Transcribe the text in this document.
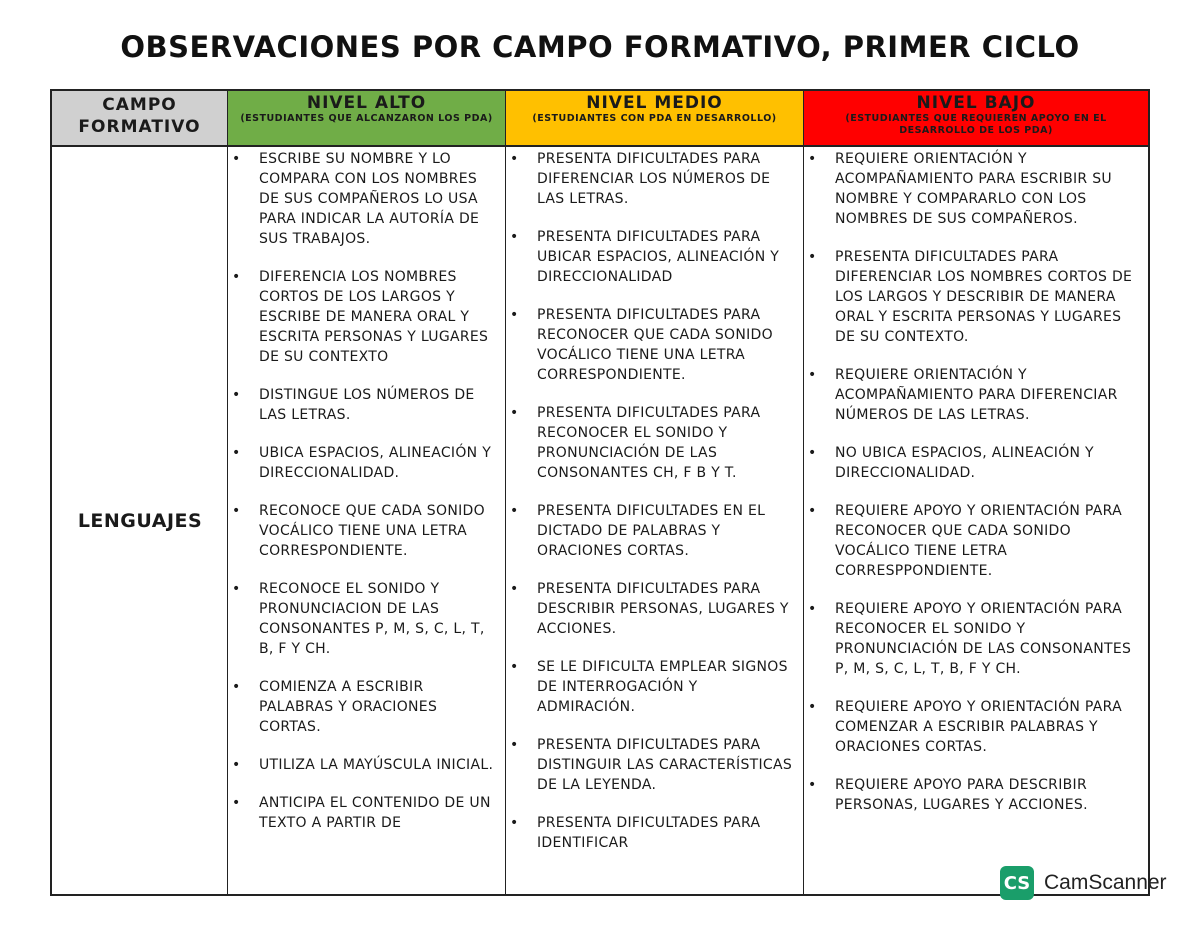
OBSERVACIONES POR CAMPO FORMATIVO, PRIMER CICLO
CAMPO FORMATIVO
NIVEL ALTO
(ESTUDIANTES QUE ALCANZARON LOS PDA)
NIVEL MEDIO
(ESTUDIANTES CON PDA EN DESARROLLO)
NIVEL BAJO
(ESTUDIANTES QUE REQUIEREN APOYO EN EL DESARROLLO DE LOS PDA)
LENGUAJES
• ESCRIBE SU NOMBRE Y LO COMPARA CON LOS NOMBRES DE SUS COMPAÑEROS LO USA PARA INDICAR LA AUTORÍA DE SUS TRABAJOS.
• DIFERENCIA LOS NOMBRES CORTOS DE LOS LARGOS Y ESCRIBE DE MANERA ORAL Y ESCRITA PERSONAS Y LUGARES DE SU CONTEXTO
• DISTINGUE LOS NÚMEROS DE LAS LETRAS.
• UBICA ESPACIOS, ALINEACIÓN Y DIRECCIONALIDAD.
• RECONOCE QUE CADA SONIDO VOCÁLICO TIENE UNA LETRA CORRESPONDIENTE.
• RECONOCE EL SONIDO Y PRONUNCIACION DE LAS CONSONANTES P, M, S, C, L, T, B, F Y CH.
• COMIENZA A ESCRIBIR PALABRAS Y ORACIONES CORTAS.
• UTILIZA LA MAYÚSCULA INICIAL.
• ANTICIPA EL CONTENIDO DE UN TEXTO A PARTIR DE
• PRESENTA DIFICULTADES PARA DIFERENCIAR LOS NÚMEROS DE LAS LETRAS.
• PRESENTA DIFICULTADES PARA UBICAR ESPACIOS, ALINEACIÓN Y DIRECCIONALIDAD
• PRESENTA DIFICULTADES PARA RECONOCER QUE CADA SONIDO VOCÁLICO TIENE UNA LETRA CORRESPONDIENTE.
• PRESENTA DIFICULTADES PARA RECONOCER EL SONIDO Y PRONUNCIACIÓN DE LAS CONSONANTES CH, F B Y T.
• PRESENTA DIFICULTADES EN EL DICTADO DE PALABRAS Y ORACIONES CORTAS.
• PRESENTA DIFICULTADES PARA DESCRIBIR PERSONAS, LUGARES Y ACCIONES.
• SE LE DIFICULTA EMPLEAR SIGNOS DE INTERROGACIÓN Y ADMIRACIÓN.
• PRESENTA DIFICULTADES PARA DISTINGUIR LAS CARACTERÍSTICAS DE LA LEYENDA.
• PRESENTA DIFICULTADES PARA IDENTIFICAR
• REQUIERE ORIENTACIÓN Y ACOMPAÑAMIENTO PARA ESCRIBIR SU NOMBRE Y COMPARARLO CON LOS NOMBRES DE SUS COMPAÑEROS.
• PRESENTA DIFICULTADES PARA DIFERENCIAR LOS NOMBRES CORTOS DE LOS LARGOS Y DESCRIBIR DE MANERA ORAL Y ESCRITA PERSONAS Y LUGARES DE SU CONTEXTO.
• REQUIERE ORIENTACIÓN Y ACOMPAÑAMIENTO PARA DIFERENCIAR NÚMEROS DE LAS LETRAS.
• NO UBICA ESPACIOS, ALINEACIÓN Y DIRECCIONALIDAD.
• REQUIERE APOYO Y ORIENTACIÓN PARA RECONOCER QUE CADA SONIDO VOCÁLICO TIENE LETRA CORRESPPONDIENTE.
• REQUIERE APOYO Y ORIENTACIÓN PARA RECONOCER EL SONIDO Y PRONUNCIACIÓN DE LAS CONSONANTES P, M, S, C, L, T, B, F Y CH.
• REQUIERE APOYO Y ORIENTACIÓN PARA COMENZAR A ESCRIBIR PALABRAS Y ORACIONES CORTAS.
• REQUIERE APOYO PARA DESCRIBIR PERSONAS, LUGARES Y ACCIONES.
CS CamScanner
